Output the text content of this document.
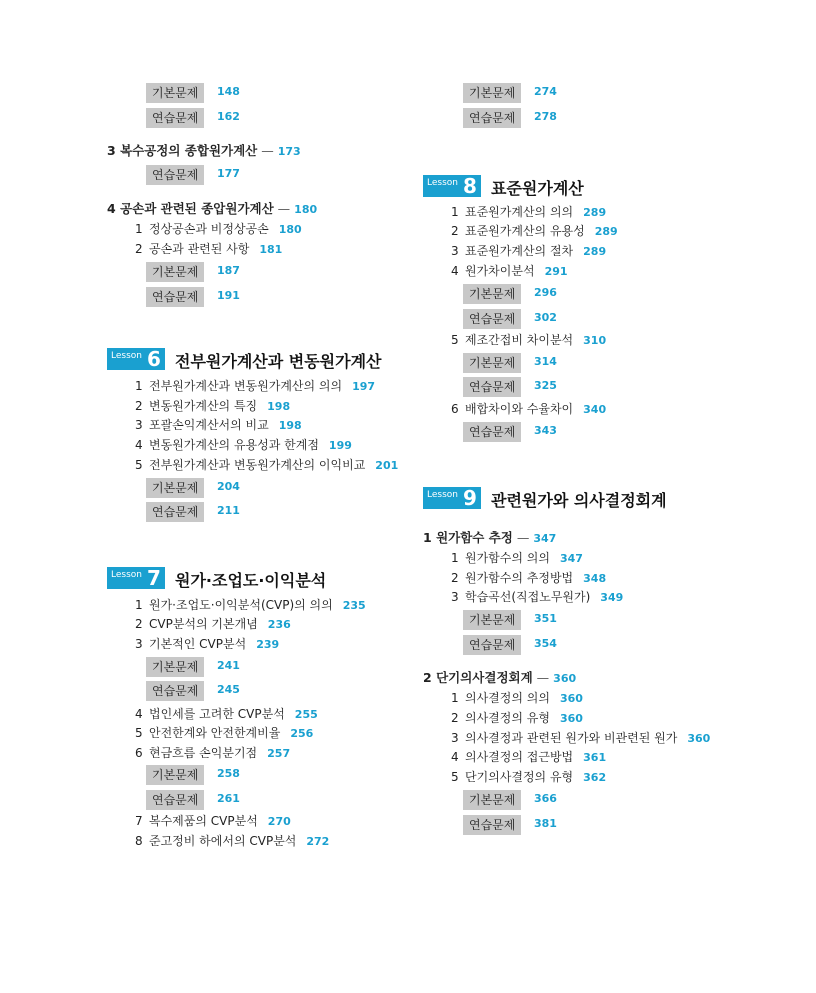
기본문제 148
연습문제 162
3 복수공정의 종합원가계산 — 173
연습문제 177
4 공손과 관련된 종압원가계산 — 180
1 정상공손과 비정상공손 180
2 공손과 관련된 사항 181
기본문제 187
연습문제 191
Lesson 6 전부원가계산과 변동원가계산
1 전부원가계산과 변동원가계산의 의의 197
2 변동원가계산의 특징 198
3 포괄손익계산서의 비교 198
4 변동원가계산의 유용성과 한계점 199
5 전부원가계산과 변동원가계산의 이익비교 201
기본문제 204
연습문제 211
Lesson 7 원가·조업도·이익분석
1 원가·조업도·이익분석(CVP)의 의의 235
2 CVP분석의 기본개념 236
3 기본적인 CVP분석 239
기본문제 241
연습문제 245
4 법인세를 고려한 CVP분석 255
5 안전한계와 안전한계비율 256
6 현금흐름 손익분기점 257
기본문제 258
연습문제 261
7 복수제품의 CVP분석 270
8 준고정비 하에서의 CVP분석 272
기본문제 274
연습문제 278
Lesson 8 표준원가계산
1 표준원가계산의 의의 289
2 표준원가계산의 유용성 289
3 표준원가계산의 절차 289
4 원가차이분석 291
기본문제 296
연습문제 302
5 제조간접비 차이분석 310
기본문제 314
연습문제 325
6 배합차이와 수율차이 340
연습문제 343
Lesson 9 관련원가와 의사결정회계
1 원가함수 추정 — 347
1 원가함수의 의의 347
2 원가함수의 추정방법 348
3 학습곡선(직접노무원가) 349
기본문제 351
연습문제 354
2 단기의사결정회계 — 360
1 의사결정의 의의 360
2 의사결정의 유형 360
3 의사결정과 관련된 원가와 비관련된 원가 360
4 의사결정의 접근방법 361
5 단기의사결정의 유형 362
기본문제 366
연습문제 381
